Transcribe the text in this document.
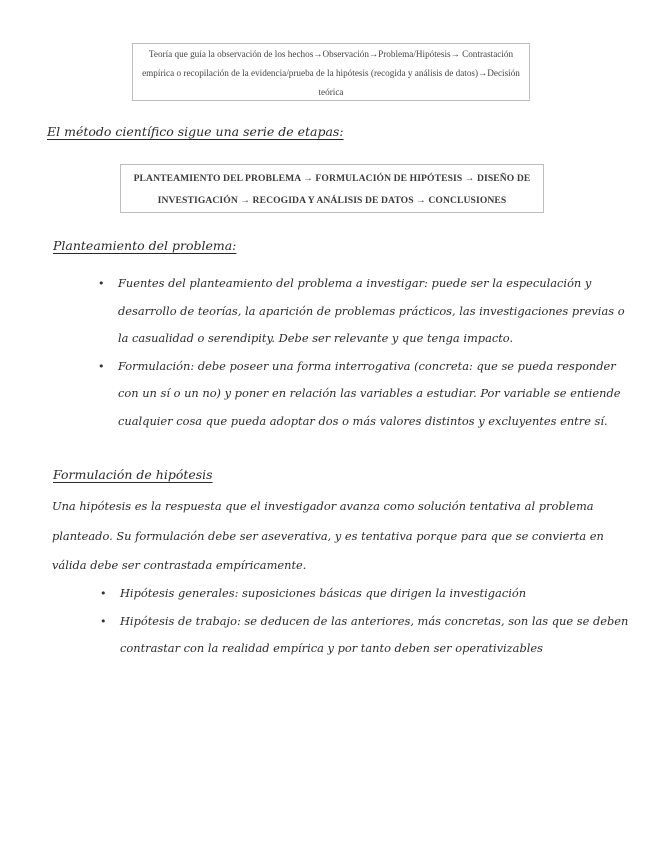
Teoría que guía la observación de los hechos→Observación→Problema/Hipótesis→ Contrastación empírica o recopilación de la evidencia/prueba de la hipótesis (recogida y análisis de datos)→Decisión teórica
El método científico sigue una serie de etapas:
PLANTEAMIENTO DEL PROBLEMA → FORMULACIÓN DE HIPÓTESIS → DISEÑO DE INVESTIGACIÓN → RECOGIDA Y ANÁLISIS DE DATOS → CONCLUSIONES
Planteamiento del problema:
• Fuentes del planteamiento del problema a investigar: puede ser la especulación y desarrollo de teorías, la aparición de problemas prácticos, las investigaciones previas o la casualidad o serendipity. Debe ser relevante y que tenga impacto.
• Formulación: debe poseer una forma interrogativa (concreta: que se pueda responder con un sí o un no) y poner en relación las variables a estudiar. Por variable se entiende cualquier cosa que pueda adoptar dos o más valores distintos y excluyentes entre sí.
Formulación de hipótesis
Una hipótesis es la respuesta que el investigador avanza como solución tentativa al problema planteado. Su formulación debe ser aseverativa, y es tentativa porque para que se convierta en válida debe ser contrastada empíricamente.
• Hipótesis generales: suposiciones básicas que dirigen la investigación
• Hipótesis de trabajo: se deducen de las anteriores, más concretas, son las que se deben contrastar con la realidad empírica y por tanto deben ser operativizables
